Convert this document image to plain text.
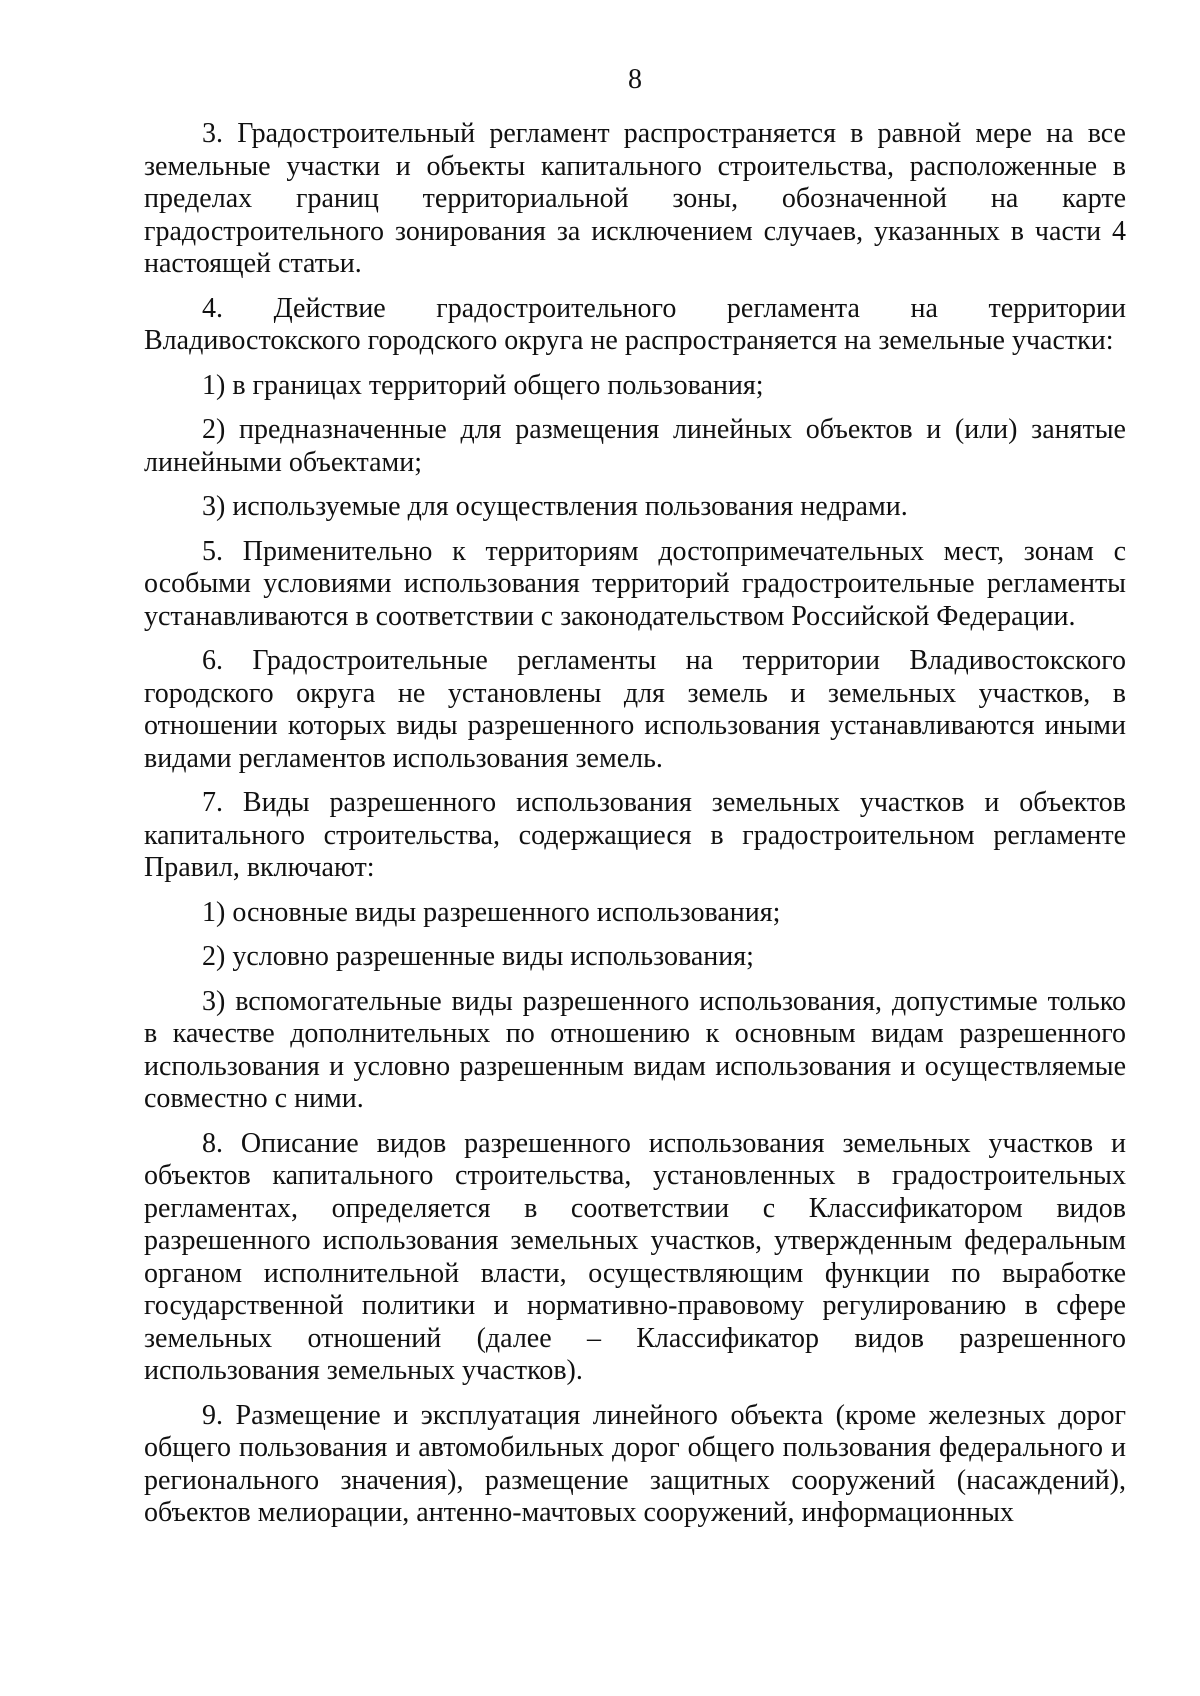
8

3. Градостроительный регламент распространяется в равной мере на все земельные участки и объекты капитального строительства, расположенные в пределах границ территориальной зоны, обозначенной на карте градостроительного зонирования за исключением случаев, указанных в части 4 настоящей статьи.

4. Действие градостроительного регламента на территории Владивостокского городского округа не распространяется на земельные участки:

1) в границах территорий общего пользования;

2) предназначенные для размещения линейных объектов и (или) занятые линейными объектами;

3) используемые для осуществления пользования недрами.

5. Применительно к территориям достопримечательных мест, зонам с особыми условиями использования территорий градостроительные регламенты устанавливаются в соответствии с законодательством Российской Федерации.

6. Градостроительные регламенты на территории Владивостокского городского округа не установлены для земель и земельных участков, в отношении которых виды разрешенного использования устанавливаются иными видами регламентов использования земель.

7. Виды разрешенного использования земельных участков и объектов капитального строительства, содержащиеся в градостроительном регламенте Правил, включают:

1) основные виды разрешенного использования;

2) условно разрешенные виды использования;

3) вспомогательные виды разрешенного использования, допустимые только в качестве дополнительных по отношению к основным видам разрешенного использования и условно разрешенным видам использования и осуществляемые совместно с ними.

8. Описание видов разрешенного использования земельных участков и объектов капитального строительства, установленных в градостроительных регламентах, определяется в соответствии с Классификатором видов разрешенного использования земельных участков, утвержденным федеральным органом исполнительной власти, осуществляющим функции по выработке государственной политики и нормативно-правовому регулированию в сфере земельных отношений (далее – Классификатор видов разрешенного использования земельных участков).

9. Размещение и эксплуатация линейного объекта (кроме железных дорог общего пользования и автомобильных дорог общего пользования федерального и регионального значения), размещение защитных сооружений (насаждений), объектов мелиорации, антенно-мачтовых сооружений, информационных
